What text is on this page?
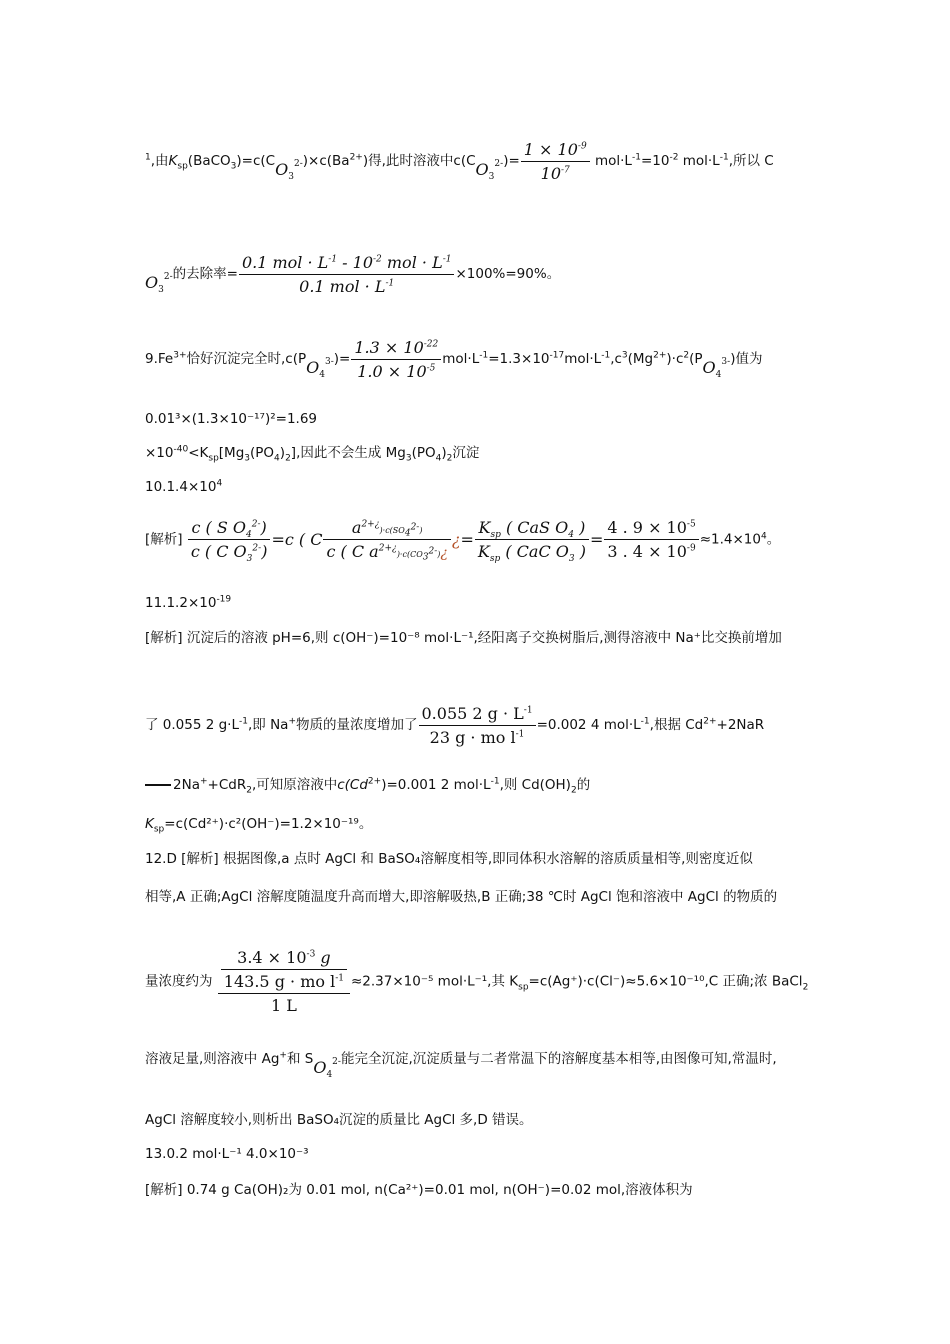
$^1$,由$K_{sp}(BaCO_3)=c(CO_3^{2-})\times c(Ba^{2+})$得,此时溶液中$c(CO_3^{2-})= \frac{1 \times 10^{-9}}{10^{-7}} mol\cdot L^{-1}=10^{-2}$ $mol\cdot L^{-1}$,所以 C
$O_3^{2-}$的去除率=
0.1 mol · $L^{-1} - 10^{-2}$ mol · $L^{-1}$
0.1 mol · $L^{-1}$
×100%=90%。
$9.Fe^{3+}$恰好沉淀完全时$,c(PO_4^{3-})= \frac{1.3 \times 10^{-22}}{1.0 \times 10^{-5}} mol\cdot L^{-1}=1.3\times 10^{-17}mol\cdot L^{-1},c^3(Mg^{2+})\cdot c^2(PO_4^{3-})$值为
0.01³×(1.3×10⁻¹⁷)²=1.69
$\times 10^{-40}<K_{sp}[Mg_3(PO_4)_2]$,因此不会生成 $Mg_3(PO_4)_2$沉淀
$10.1.4\times 10^4$
[解析] $\frac{c ( S O_4^{2-})}{c ( C O_3^{2-})} =c$ ( C $\frac{a^{2+¿})\cdot c(SO_4^{2-})}{c ( C a^{2+¿})\cdot c(CO_3^{2-})¿}$ ¿=
$K_{sp}$ ( CaS $O_4$ )
$K_{sp}$ ( CaC $O_3$ )
= $\frac{4 . 9 \times 10^{-5}}{3 . 4 \times 10^{-9}} \approx 1.4\times 10^4$。
$11.1.2\times 10^{-19}$
[解析] 沉淀后的溶液 pH=6,则 c(OH⁻)=10⁻⁸ mol·L⁻¹,经阳离子交换树脂后,测得溶液中 Na⁺比交换前增加
了 0.055 2 $g\cdot L^{-1}$,即 Na+物质的量浓度增加了 $\frac{0.055 2 g \cdot L^{-1}}{23 g \cdot mo l^{-1}} =0.002$ 4 $mol\cdot L^{-1}$,根据 $Cd^{2+}+2NaR$
2Na++CdR$_2$,可知原溶液中$c(Cd^{2+})=0.001$ 2 $mol\cdot L^{-1}$,则 $Cd(OH)_2$的
$K_{sp}=c(Cd^{2+})\cdot c^2(OH^-)=1.2\times 10^{-19}$。
12.D [解析] 根据图像,a 点时 AgCl 和 BaSO₄溶解度相等,即同体积水溶解的溶质质量相等,则密度近似
相等,A 正确;AgCl 溶解度随温度升高而增大,即溶解吸热,B 正确;38 ℃时 AgCl 饱和溶液中 AgCl 的物质的
量浓度约为 $\frac{\frac{3.4 \times 10^{-3} g}{143.5 g \cdot mo l^{-1}}}{1 L} \approx 2.37\times 10^{-5}$ mol·L⁻¹,其 $K_{sp}=c(Ag^+)\cdot c(Cl^-)\approx 5.6\times 10^{-10},C$ 正确;浓 BaCl$_2$
溶液足量,则溶液中 Ag+和 $SO_4^{2-}$能完全沉淀,沉淀质量与二者常温下的溶解度基本相等,由图像可知,常温时,
AgCl 溶解度较小,则析出 BaSO₄沉淀的质量比 AgCl 多,D 错误。
13.0.2 mol·L⁻¹ 4.0×10⁻³
[解析] 0.74 g Ca(OH)₂为 0.01 mol, n(Ca²⁺)=0.01 mol, n(OH⁻)=0.02 mol,溶液体积为
